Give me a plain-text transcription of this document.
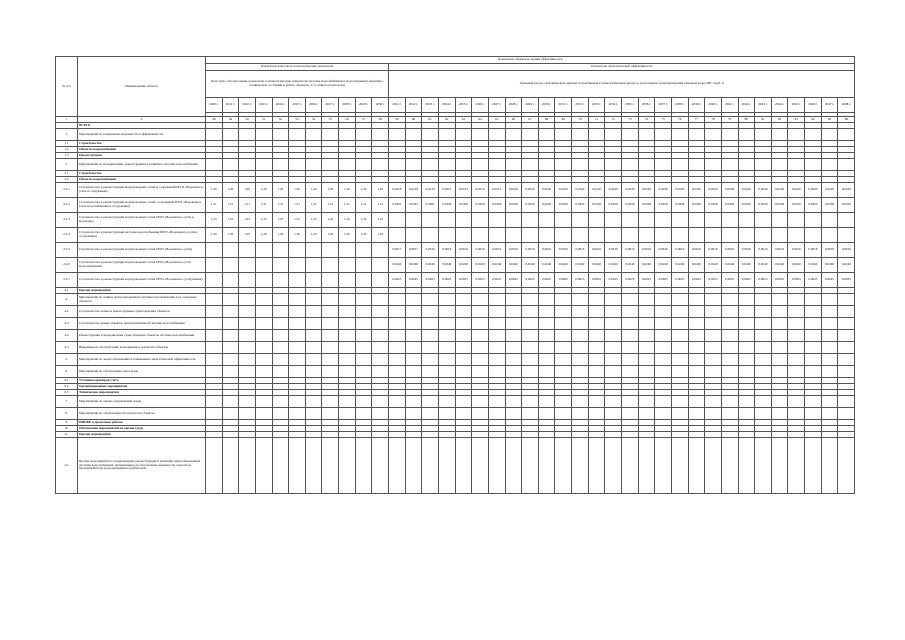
№ п/п	Наименование объекта	Показатели объемов и оценки эффективности																																							
		Показатели качества и технологические показатели											Показатели энергетической эффективности																												
		Доля труб, относительные показатели и технологические показатели системы водоснабжения и водоотведения (сведения о техническом состоянии и работе объектов, % от общего показателя)											Удельный расход электрической энергии, потребляемой в технологическом процессе подготовки и транспортировки питьевой воды, кВт·ч/куб. м																												
		2020 г.	2021 г.	2022 г.	2023 г.	2024 г.	2025 г.	2026 г.	2027 г.	2028 г.	2029 г.	2030 г.	2021 г.	2022 г.	2023 г.	2024 г.	2025 г.	2026 г.	2027 г.	2028 г.	2029 г.	2030 г.	2031 г.	2032 г.	2033 г.	2034 г.	2035 г.	2036 г.	2037 г.	2038 г.	2039 г.	2040 г.	2041 г.	2042 г.	2043 г.	2044 г.	2045 г.	2046 г.	2047 г.	2048 г.	

1	2	48	49	50	51	52	53	54	55	56	57	58	59	60	61	62	63	64	65	66	67	68	69	70	71	72	73	74	75	76	77	78	79	80	81	82	83	84	85	86					
	ВСЕГО																																								
1.	Мероприятия по повышению надежности и эффективности																																								
1.1	Строительство																																								
1.2	Объекты водоснабжения																																								
1.3	Реконструкция																																								
2.	Мероприятия по модернизации, реконструкции и развитию системы водоснабжения																																								
2.1	Строительство																																								
2.2	Объекты водоснабжения																																								
2.2.1	Строительство и реконструкция водопроводных сетей и сооружений МУП «Водоканал» (сети и сооружения)	1,20	1,20	1,20	1,20	1,20	1,20	1,20	1,20	1,20	1,20	1,20	0,0218	0,0219	0,0219	0,0213	0,0213	0,0213	0,0213	0,0220	0,0220	0,0220	0,0220	0,0220	0,0220	0,0220	0,0220	0,0220	0,0220	0,0220	0,0220	0,0220	0,0220	0,0220	0,0220	0,0220	0,0220	0,0220	0,0220	0,0220	
2.2.2	Строительство и реконструкция водопроводных сетей, сооружений МУП «Водоканал» (сети водоснабжения и сооружения)	1,21	1,21	1,21	1,21	1,21	1,21	1,21	1,21	1,21	1,21	1,21	0,0461	0,0461	0,0461	0,0456	0,0456	0,0456	0,0456	0,0456	0,0456	0,0456	0,0456	0,0456	0,0456	0,0456	0,0456	0,0456	0,0456	0,0456	0,0456	0,0456	0,0456	0,0456	0,0456	0,0456	0,0456	0,0456	0,0456	0,0456	
2.2.3	Строительство и реконструкция водопроводных сетей МУП «Водоканал» (сети и водоводы)	1,25	1,25	1,25	1,25	1,25	1,25	1,25	1,25	1,25	1,25	1,25																													
2.2.4	Строительство и реконструкция системы водоснабжения МУП «Водоканал» (сети и сооружения)	1,20	1,20	1,20	1,20	1,20	1,20	1,20	1,20	1,20	1,20	1,20																													
2.2.5	Строительство и реконструкция водопроводных сетей МУП «Водоканал» (сети)												0,0617	0,0617	0,0616	0,0616	0,0616	0,0616	0,0616	0,0616	0,0616	0,0616	0,0616	0,0616	0,0616	0,0616	0,0616	0,0616	0,0616	0,0616	0,0616	0,0616	0,0616	0,0616	0,0616	0,0616	0,0616	0,0616	0,0616	0,0616	
2.2.6	Строительство и реконструкция водопроводных сетей МУП «Водоканал» (сети водоснабжения)												0,0240	0,0240	0,0240	0,0240	0,0240	0,0240	0,0240	0,0240	0,0240	0,0240	0,0240	0,0240	0,0240	0,0240	0,0240	0,0240	0,0240	0,0240	0,0240	0,0240	0,0240	0,0240	0,0240	0,0240	0,0240	0,0240	0,0240	0,0240	
2.2.7	Строительство и реконструкция водопроводных сетей МУП «Водоканал» (сооружения)												0,0625	0,0625	0,0625	0,0625	0,0625	0,0625	0,0625	0,0625	0,0625	0,0625	0,0625	0,0625	0,0625	0,0625	0,0625	0,0625	0,0625	0,0625	0,0625	0,0625	0,0625	0,0625	0,0625	0,0625	0,0625	0,0625	0,0625	0,0625	
4.1	Прочие мероприятия																																								
4.	Мероприятия по защите централизованной системы водоснабжения и ее отдельных объектов																																								
4.2	Строительство новых и реконструкция существующих объектов																																								
4.3	Строительство новых объектов централизованной системы водоснабжения																																								
4.4	Реконструкция и модернизация существующих объектов системы водоснабжения																																								
4.5	Выведение из эксплуатации, консервация и демонтаж объектов																																								
5.	Мероприятия по энергосбережению и повышению энергетической эффективности																																								
6.	Мероприятия по обеспечению учета воды																																								
6.1	Установка приборов учета																																								
6.2	Организационные мероприятия																																								
6.3	Технические мероприятия																																								
7.	Мероприятия по охране окружающей среды																																								
8.	Мероприятия по обеспечению безопасности объектов																																								
9.	НИОКР и проектные работы																																								
10.	Обеспечение мероприятий по охране труда																																								
11.	Прочие мероприятия																																								
12.	Прочие мероприятия по модернизации, реконструкции и развитию централизованной системы водоснабжения, направленные на обеспечение надежности, качества и бесперебойности водоснабжения потребителей																																								
